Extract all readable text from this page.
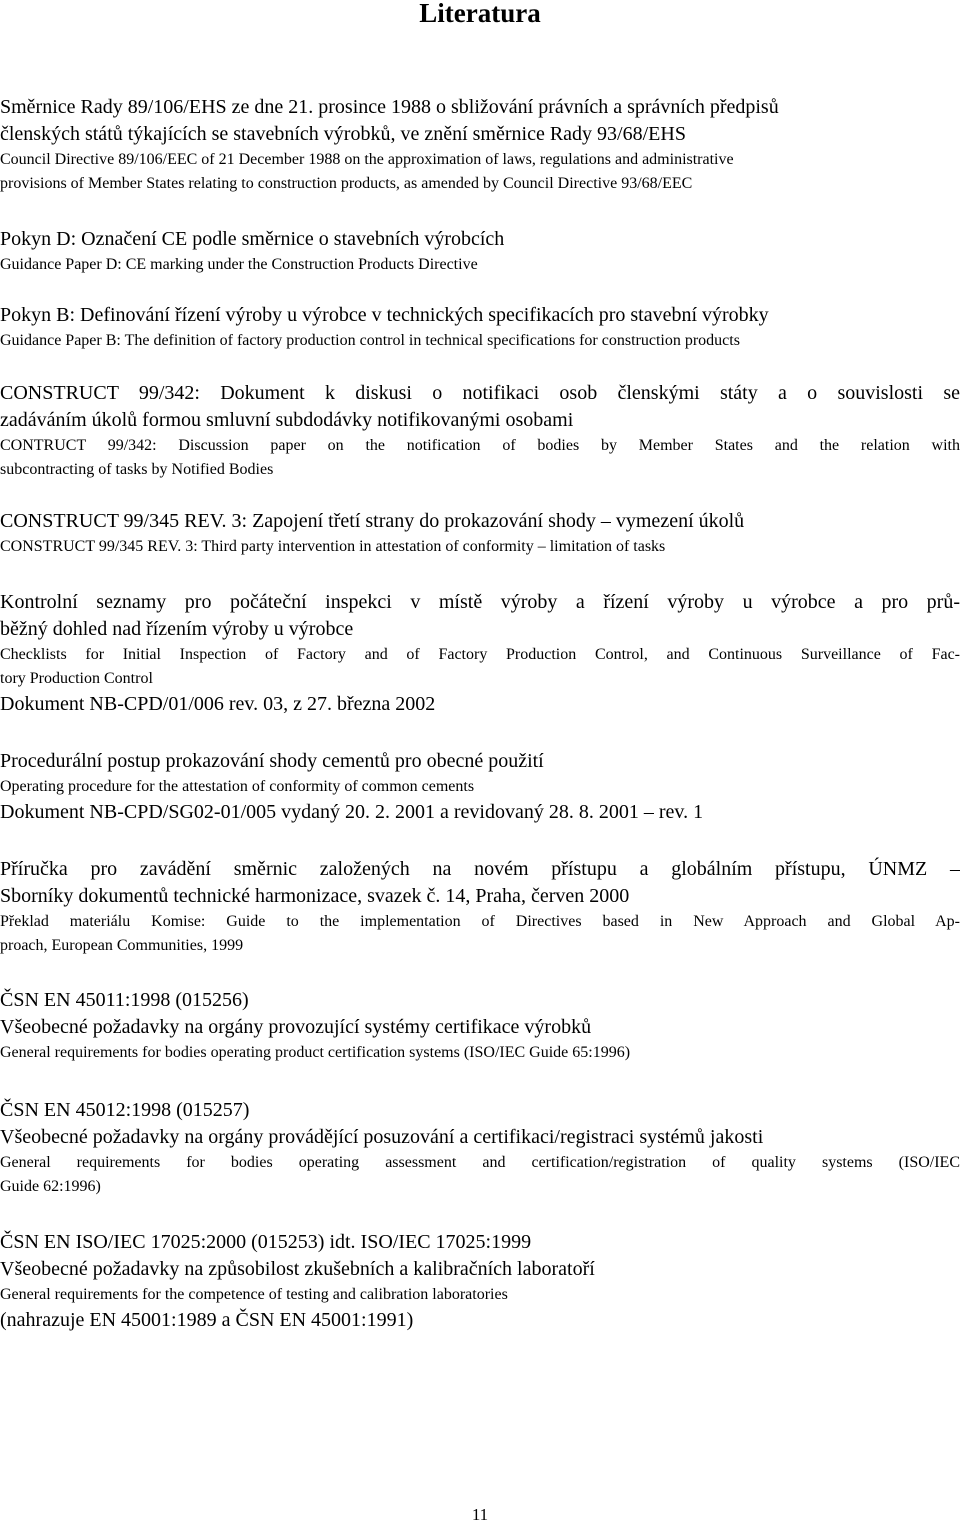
Literatura
Směrnice Rady 89/106/EHS ze dne 21. prosince 1988 o sbližování právních a správních předpisů
členských států týkajících se stavebních výrobků, ve znění směrnice Rady 93/68/EHS
Council Directive 89/106/EEC of 21 December 1988 on the approximation of laws, regulations and administrative
provisions of Member States relating to construction products, as amended by Council Directive 93/68/EEC
Pokyn D: Označení CE podle směrnice o stavebních výrobcích
Guidance Paper D: CE marking under the Construction Products Directive
Pokyn B: Definování řízení výroby u výrobce v technických specifikacích pro stavební výrobky
Guidance Paper B: The definition of factory production control in technical specifications for construction products
CONSTRUCT 99/342: Dokument k diskusi o notifikaci osob členskými státy a o souvislosti se
zadáváním úkolů formou smluvní subdodávky notifikovanými osobami
CONTRUCT 99/342: Discussion paper on the notification of bodies by Member States and the relation with
subcontracting of tasks by Notified Bodies
CONSTRUCT 99/345 REV. 3: Zapojení třetí strany do prokazování shody – vymezení úkolů
CONSTRUCT 99/345 REV. 3: Third party intervention in attestation of conformity – limitation of tasks
Kontrolní seznamy pro počáteční inspekci v místě výroby a řízení výroby u výrobce a pro prů-
běžný dohled nad řízením výroby u výrobce
Checklists for Initial Inspection of Factory and of Factory Production Control, and Continuous Surveillance of Fac-
tory Production Control
Dokument NB-CPD/01/006 rev. 03, z 27. března 2002
Procedurální postup prokazování shody cementů pro obecné použití
Operating procedure for the attestation of conformity of common cements
Dokument NB-CPD/SG02-01/005 vydaný 20. 2. 2001 a revidovaný 28. 8. 2001 – rev. 1
Příručka pro zavádění směrnic založených na novém přístupu a globálním přístupu, ÚNMZ –
Sborníky dokumentů technické harmonizace, svazek č. 14, Praha, červen 2000
Překlad materiálu Komise: Guide to the implementation of Directives based in New Approach and Global Ap-
proach, European Communities, 1999
ČSN EN 45011:1998 (015256)
Všeobecné požadavky na orgány provozující systémy certifikace výrobků
General requirements for bodies operating product certification systems (ISO/IEC Guide 65:1996)
ČSN EN 45012:1998 (015257)
Všeobecné požadavky na orgány provádějící posuzování a certifikaci/registraci systémů jakosti
General requirements for bodies operating assessment and certification/registration of quality systems (ISO/IEC
Guide 62:1996)
ČSN EN ISO/IEC 17025:2000 (015253) idt. ISO/IEC 17025:1999
Všeobecné požadavky na způsobilost zkušebních a kalibračních laboratoří
General requirements for the competence of testing and calibration laboratories
(nahrazuje EN 45001:1989 a ČSN EN 45001:1991)
11
